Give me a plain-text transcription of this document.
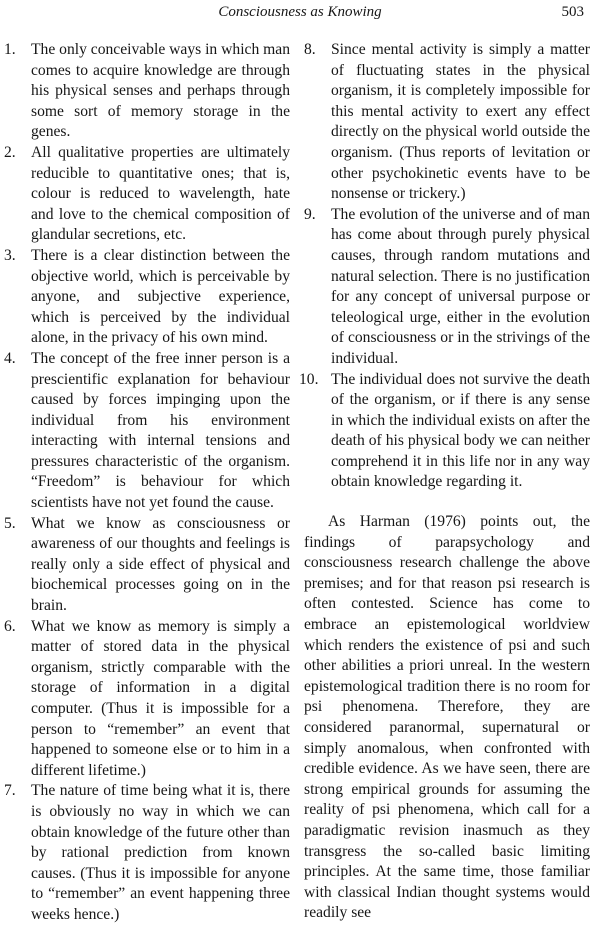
Consciousness as Knowing	503
1. The only conceivable ways in which man comes to acquire knowledge are through his physical senses and perhaps through some sort of memory storage in the genes.
2. All qualitative properties are ultimately reducible to quantitative ones; that is, colour is reduced to wavelength, hate and love to the chemical composition of glandular secretions, etc.
3. There is a clear distinction between the objective world, which is perceivable by anyone, and subjective experience, which is perceived by the individual alone, in the privacy of his own mind.
4. The concept of the free inner person is a prescientific explanation for behaviour caused by forces impinging upon the individual from his environment interacting with internal tensions and pressures characteristic of the organism. “Freedom” is behaviour for which scientists have not yet found the cause.
5. What we know as consciousness or awareness of our thoughts and feelings is really only a side effect of physical and biochemical processes going on in the brain.
6. What we know as memory is simply a matter of stored data in the physical organism, strictly comparable with the storage of information in a digital computer. (Thus it is impossible for a person to “remember” an event that happened to someone else or to him in a different lifetime.)
7. The nature of time being what it is, there is obviously no way in which we can obtain knowledge of the future other than by rational prediction from known causes. (Thus it is impossible for anyone to “remember” an event happening three weeks hence.)
8. Since mental activity is simply a matter of fluctuating states in the physical organism, it is completely impossible for this mental activity to exert any effect directly on the physical world outside the organism. (Thus reports of levitation or other psychokinetic events have to be nonsense or trickery.)
9. The evolution of the universe and of man has come about through purely physical causes, through random mutations and natural selection. There is no justification for any concept of universal purpose or teleological urge, either in the evolution of consciousness or in the strivings of the individual.
10. The individual does not survive the death of the organism, or if there is any sense in which the individual exists on after the death of his physical body we can neither comprehend it in this life nor in any way obtain knowledge regarding it.

As Harman (1976) points out, the findings of parapsychology and consciousness research challenge the above premises; and for that reason psi research is often contested. Science has come to embrace an epistemological worldview which renders the existence of psi and such other abilities a priori unreal. In the western epistemological tradition there is no room for psi phenomena. Therefore, they are considered paranormal, supernatural or simply anomalous, when confronted with credible evidence. As we have seen, there are strong empirical grounds for assuming the reality of psi phenomena, which call for a paradigmatic revision inasmuch as they transgress the so-called basic limiting principles. At the same time, those familiar with classical Indian thought systems would readily see
